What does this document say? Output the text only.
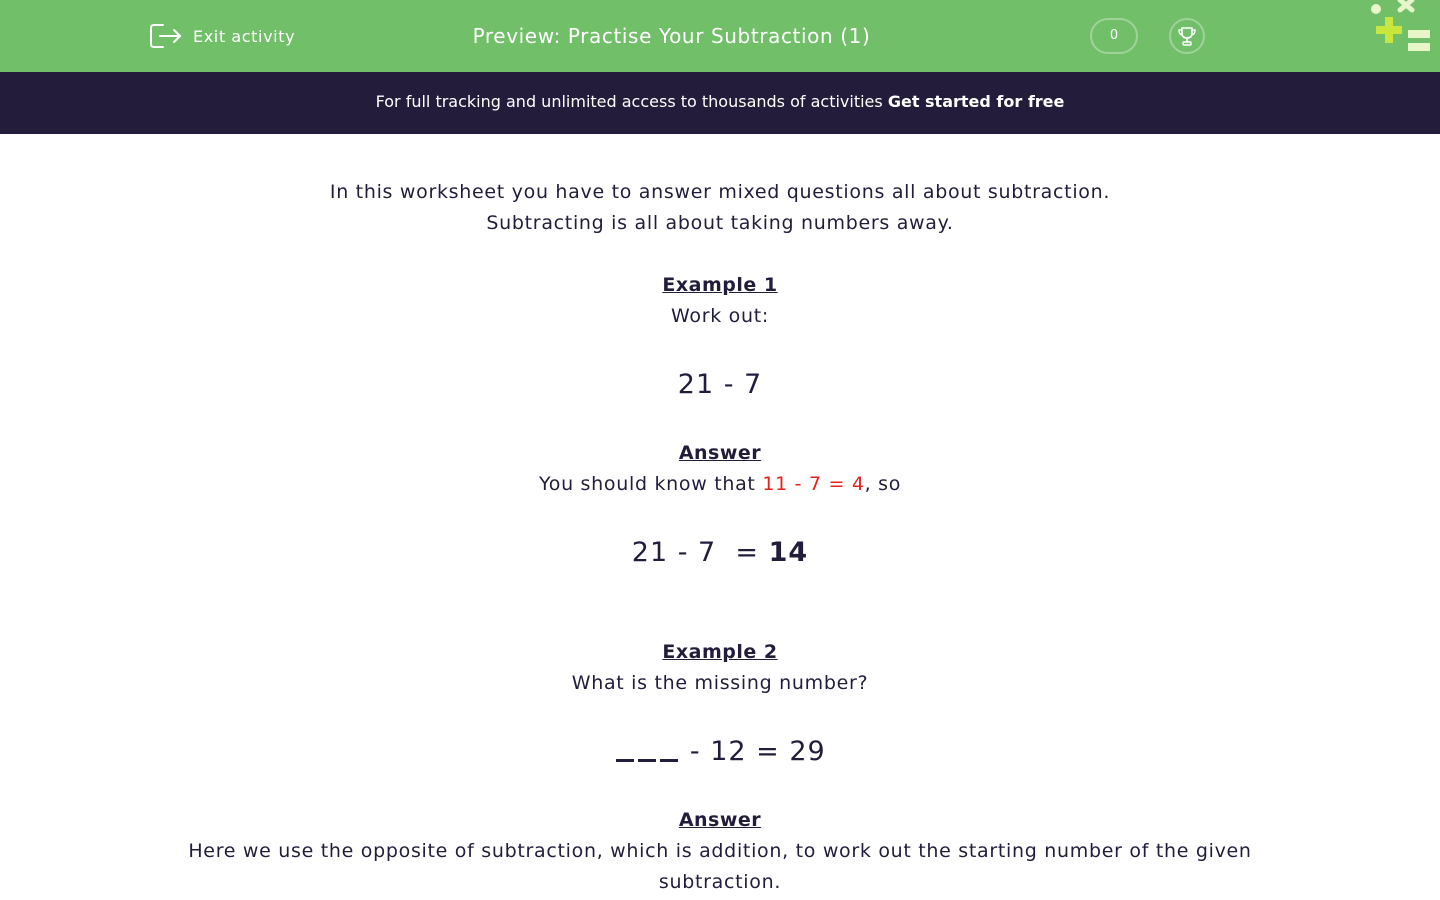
Exit activity	Preview: Practise Your Subtraction (1)	0
For full tracking and unlimited access to thousands of activities Get started for free

In this worksheet you have to answer mixed questions all about subtraction.

Subtracting is all about taking numbers away.

Example 1

Work out:

21 - 7

Answer

You should know that 11 - 7 = 4, so

21 - 7  = 14

Example 2

What is the missing number?

- 12 = 29

Answer

Here we use the opposite of subtraction, which is addition, to work out the starting number of the given subtraction.
